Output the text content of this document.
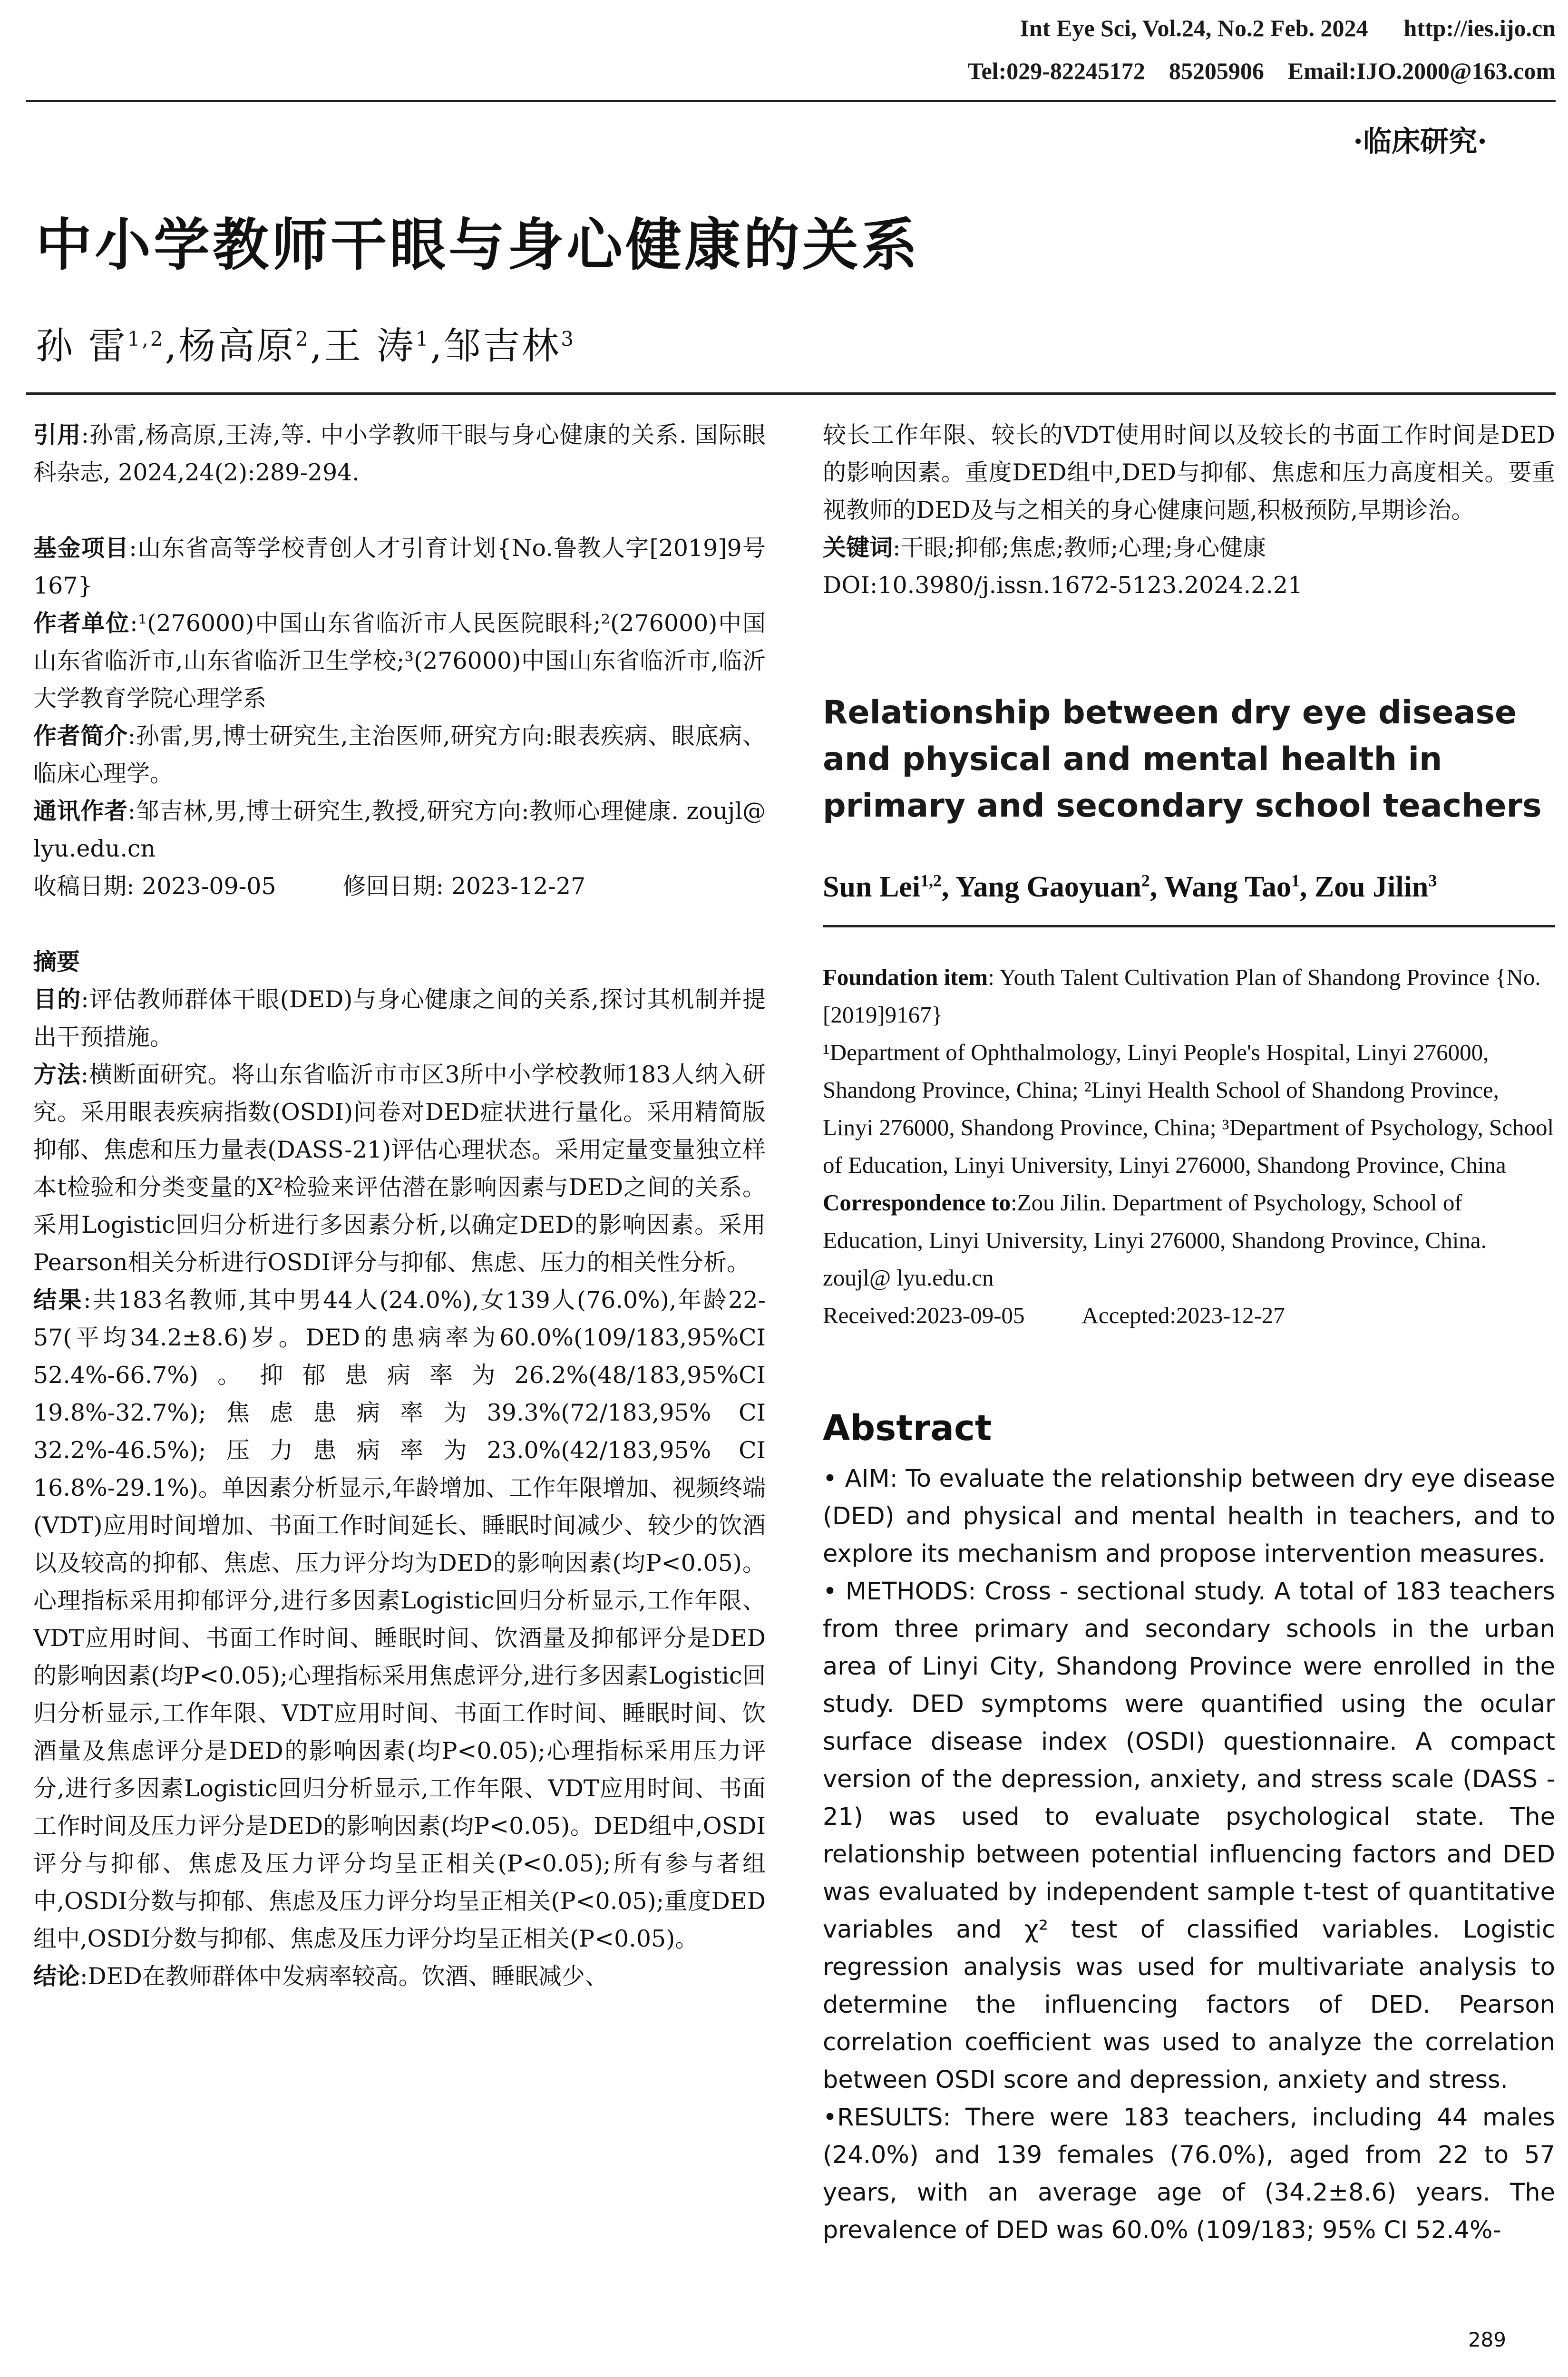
Int Eye Sci, Vol.24, No.2 Feb. 2024      http://ies.ijo.cn
Tel:029-82245172    85205906    Email:IJO.2000@163.com
·临床研究·
中小学教师干眼与身心健康的关系
孙 雷$^{1,2}$,杨高原$^2$,王 涛$^1$,邹吉林$^3$

引用:孙雷,杨高原,王涛,等. 中小学教师干眼与身心健康的关系. 国际眼科杂志, 2024,24(2):289-294.

基金项目:山东省高等学校青创人才引育计划{No.鲁教人字[2019]9号167}

作者单位:¹(276000)中国山东省临沂市人民医院眼科;²(276000)中国山东省临沂市,山东省临沂卫生学校;³(276000)中国山东省临沂市,临沂大学教育学院心理学系

作者简介:孙雷,男,博士研究生,主治医师,研究方向:眼表疾病、眼底病、临床心理学。

通讯作者:邹吉林,男,博士研究生,教授,研究方向:教师心理健康. zoujl@ lyu.edu.cn

收稿日期: 2023-09-05	修回日期: 2023-12-27

摘要

目的:评估教师群体干眼(DED)与身心健康之间的关系,探讨其机制并提出干预措施。

方法:横断面研究。将山东省临沂市市区3所中小学校教师183人纳入研究。采用眼表疾病指数(OSDI)问卷对DED症状进行量化。采用精简版抑郁、焦虑和压力量表(DASS-21)评估心理状态。采用定量变量独立样本t检验和分类变量的X²检验来评估潜在影响因素与DED之间的关系。采用Logistic回归分析进行多因素分析,以确定DED的影响因素。采用Pearson相关分析进行OSDI评分与抑郁、焦虑、压力的相关性分析。

结果:共183名教师,其中男44人(24.0%),女139人(76.0%),年龄22-57(平均34.2±8.6)岁。DED的患病率为60.0%(109/183,95%CI 52.4%-66.7%)。抑郁患病率为26.2%(48/183,95%CI 19.8%-32.7%);焦虑患病率为39.3%(72/183,95% CI 32.2%-46.5%);压力患病率为23.0%(42/183,95% CI 16.8%-29.1%)。单因素分析显示,年龄增加、工作年限增加、视频终端(VDT)应用时间增加、书面工作时间延长、睡眠时间减少、较少的饮酒以及较高的抑郁、焦虑、压力评分均为DED的影响因素(均P<0.05)。心理指标采用抑郁评分,进行多因素Logistic回归分析显示,工作年限、VDT应用时间、书面工作时间、睡眠时间、饮酒量及抑郁评分是DED的影响因素(均P<0.05);心理指标采用焦虑评分,进行多因素Logistic回归分析显示,工作年限、VDT应用时间、书面工作时间、睡眠时间、饮酒量及焦虑评分是DED的影响因素(均P<0.05);心理指标采用压力评分,进行多因素Logistic回归分析显示,工作年限、VDT应用时间、书面工作时间及压力评分是DED的影响因素(均P<0.05)。DED组中,OSDI评分与抑郁、焦虑及压力评分均呈正相关(P<0.05);所有参与者组中,OSDI分数与抑郁、焦虑及压力评分均呈正相关(P<0.05);重度DED组中,OSDI分数与抑郁、焦虑及压力评分均呈正相关(P<0.05)。

结论:DED在教师群体中发病率较高。饮酒、睡眠减少、

较长工作年限、较长的VDT使用时间以及较长的书面工作时间是DED的影响因素。重度DED组中,DED与抑郁、焦虑和压力高度相关。要重视教师的DED及与之相关的身心健康问题,积极预防,早期诊治。

关键词:干眼;抑郁;焦虑;教师;心理;身心健康

DOI:10.3980/j.issn.1672-5123.2024.2.21

Relationship between dry eye disease and physical and mental health in primary and secondary school teachers
Sun Lei$^{1,2}$, Yang Gaoyuan$^2$, Wang Tao$^1$, Zou Jilin$^3$

Foundation item: Youth Talent Cultivation Plan of Shandong Province {No.[2019]9167}

¹Department of Ophthalmology, Linyi People's Hospital, Linyi 276000, Shandong Province, China; ²Linyi Health School of Shandong Province, Linyi 276000, Shandong Province, China; ³Department of Psychology, School of Education, Linyi University, Linyi 276000, Shandong Province, China

Correspondence to:Zou Jilin. Department of Psychology, School of Education, Linyi University, Linyi 276000, Shandong Province, China. zoujl@ lyu.edu.cn

Received:2023-09-05 Accepted:2023-12-27

Abstract

• AIM: To evaluate the relationship between dry eye disease (DED) and physical and mental health in teachers, and to explore its mechanism and propose intervention measures.

• METHODS: Cross - sectional study. A total of 183 teachers from three primary and secondary schools in the urban area of Linyi City, Shandong Province were enrolled in the study. DED symptoms were quantified using the ocular surface disease index (OSDI) questionnaire. A compact version of the depression, anxiety, and stress scale (DASS - 21) was used to evaluate psychological state. The relationship between potential influencing factors and DED was evaluated by independent sample t-test of quantitative variables and χ² test of classified variables. Logistic regression analysis was used for multivariate analysis to determine the influencing factors of DED. Pearson correlation coefficient was used to analyze the correlation between OSDI score and depression, anxiety and stress.

•RESULTS: There were 183 teachers, including 44 males (24.0%) and 139 females (76.0%), aged from 22 to 57 years, with an average age of (34.2±8.6) years. The prevalence of DED was 60.0% (109/183; 95% CI 52.4%-

289
